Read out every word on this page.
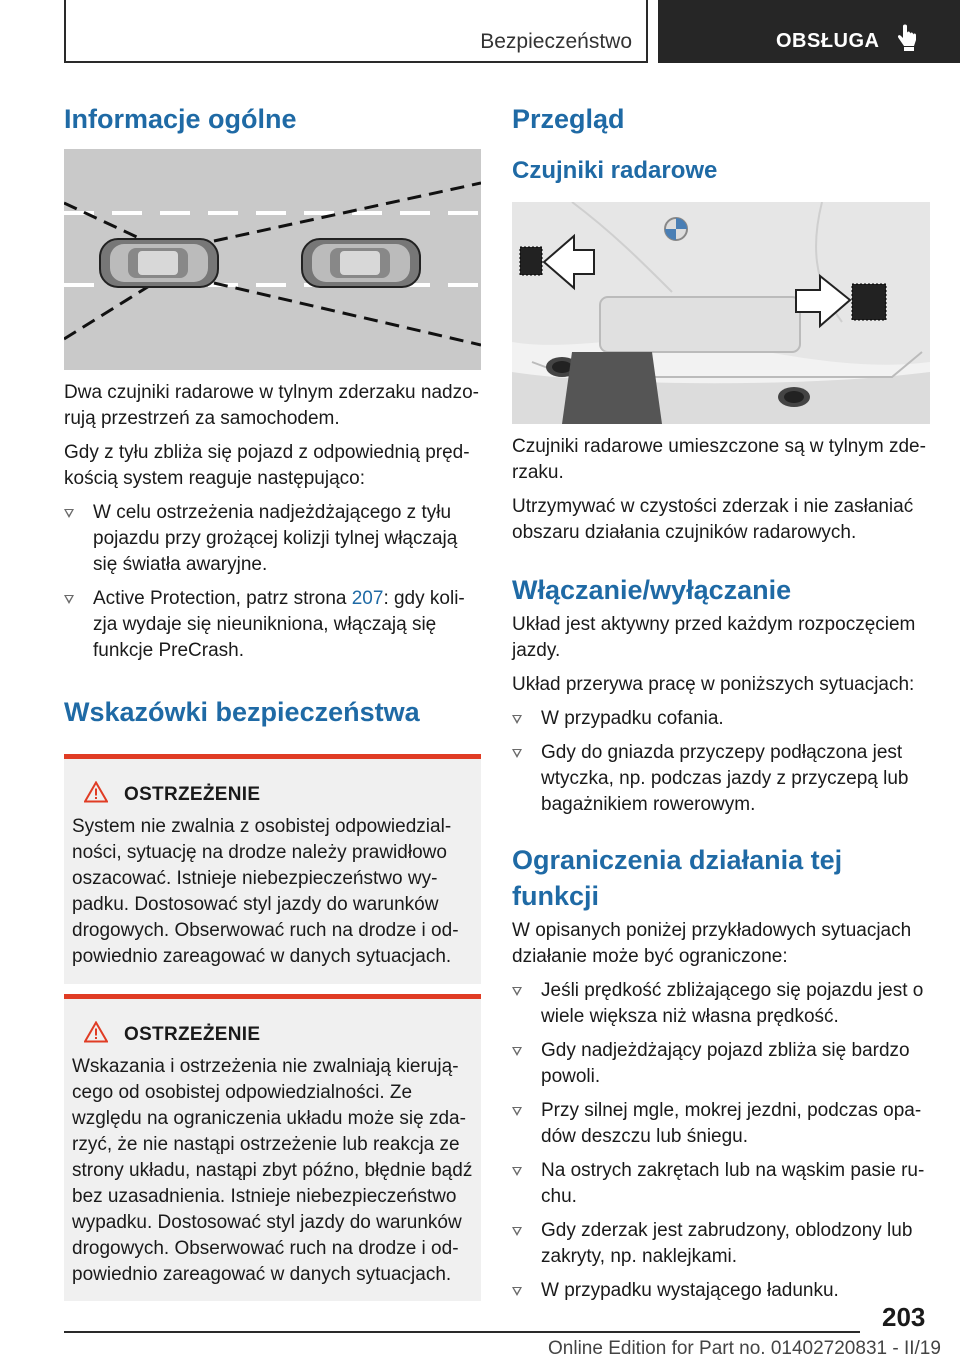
Bezpieczeństwo	OBSŁUGA
Informacje ogólne

Dwa czujniki radarowe w tylnym zderzaku nadzorują przestrzeń za samochodem.

Gdy z tyłu zbliża się pojazd z odpowiednią prędkością system reaguje następująco:

W celu ostrzeżenia nadjeżdżającego z tyłu pojazdu przy grożącej kolizji tylnej włączają się światła awaryjne.
Active Protection, patrz strona 207: gdy kolizja wydaje się nieunikniona, włączają się funkcje PreCrash.
Wskazówki bezpieczeństwa
OSTRZEŻENIE

System nie zwalnia z osobistej odpowiedzialności, sytuację na drodze należy prawidłowo oszacować. Istnieje niebezpieczeństwo wypadku. Dostosować styl jazdy do warunków drogowych. Obserwować ruch na drodze i odpowiednio zareagować w danych sytuacjach.

OSTRZEŻENIE

Wskazania i ostrzeżenia nie zwalniają kierującego od osobistej odpowiedzialności. Ze względu na ograniczenia układu może się zdarzyć, że nie nastąpi ostrzeżenie lub reakcja ze strony układu, nastąpi zbyt późno, błędnie bądź bez uzasadnienia. Istnieje niebezpieczeństwo wypadku. Dostosować styl jazdy do warunków drogowych. Obserwować ruch na drodze i odpowiednio zareagować w danych sytuacjach.

Przegląd
Czujniki radarowe

Czujniki radarowe umieszczone są w tylnym zderzaku.

Utrzymywać w czystości zderzak i nie zasłaniać obszaru działania czujników radarowych.

Włączanie/wyłączanie

Układ jest aktywny przed każdym rozpoczęciem jazdy.

Układ przerywa pracę w poniższych sytuacjach:

W przypadku cofania.
Gdy do gniazda przyczepy podłączona jest wtyczka, np. podczas jazdy z przyczepą lub bagażnikiem rowerowym.
Ograniczenia działania tej funkcji

W opisanych poniżej przykładowych sytuacjach działanie może być ograniczone:

Jeśli prędkość zbliżającego się pojazdu jest o wiele większa niż własna prędkość.
Gdy nadjeżdżający pojazd zbliża się bardzo powoli.
Przy silnej mgle, mokrej jezdni, podczas opadów deszczu lub śniegu.
Na ostrych zakrętach lub na wąskim pasie ruchu.
Gdy zderzak jest zabrudzony, oblodzony lub zakryty, np. naklejkami.
W przypadku wystającego ładunku.
203
Online Edition for Part no. 01402720831 - II/19
